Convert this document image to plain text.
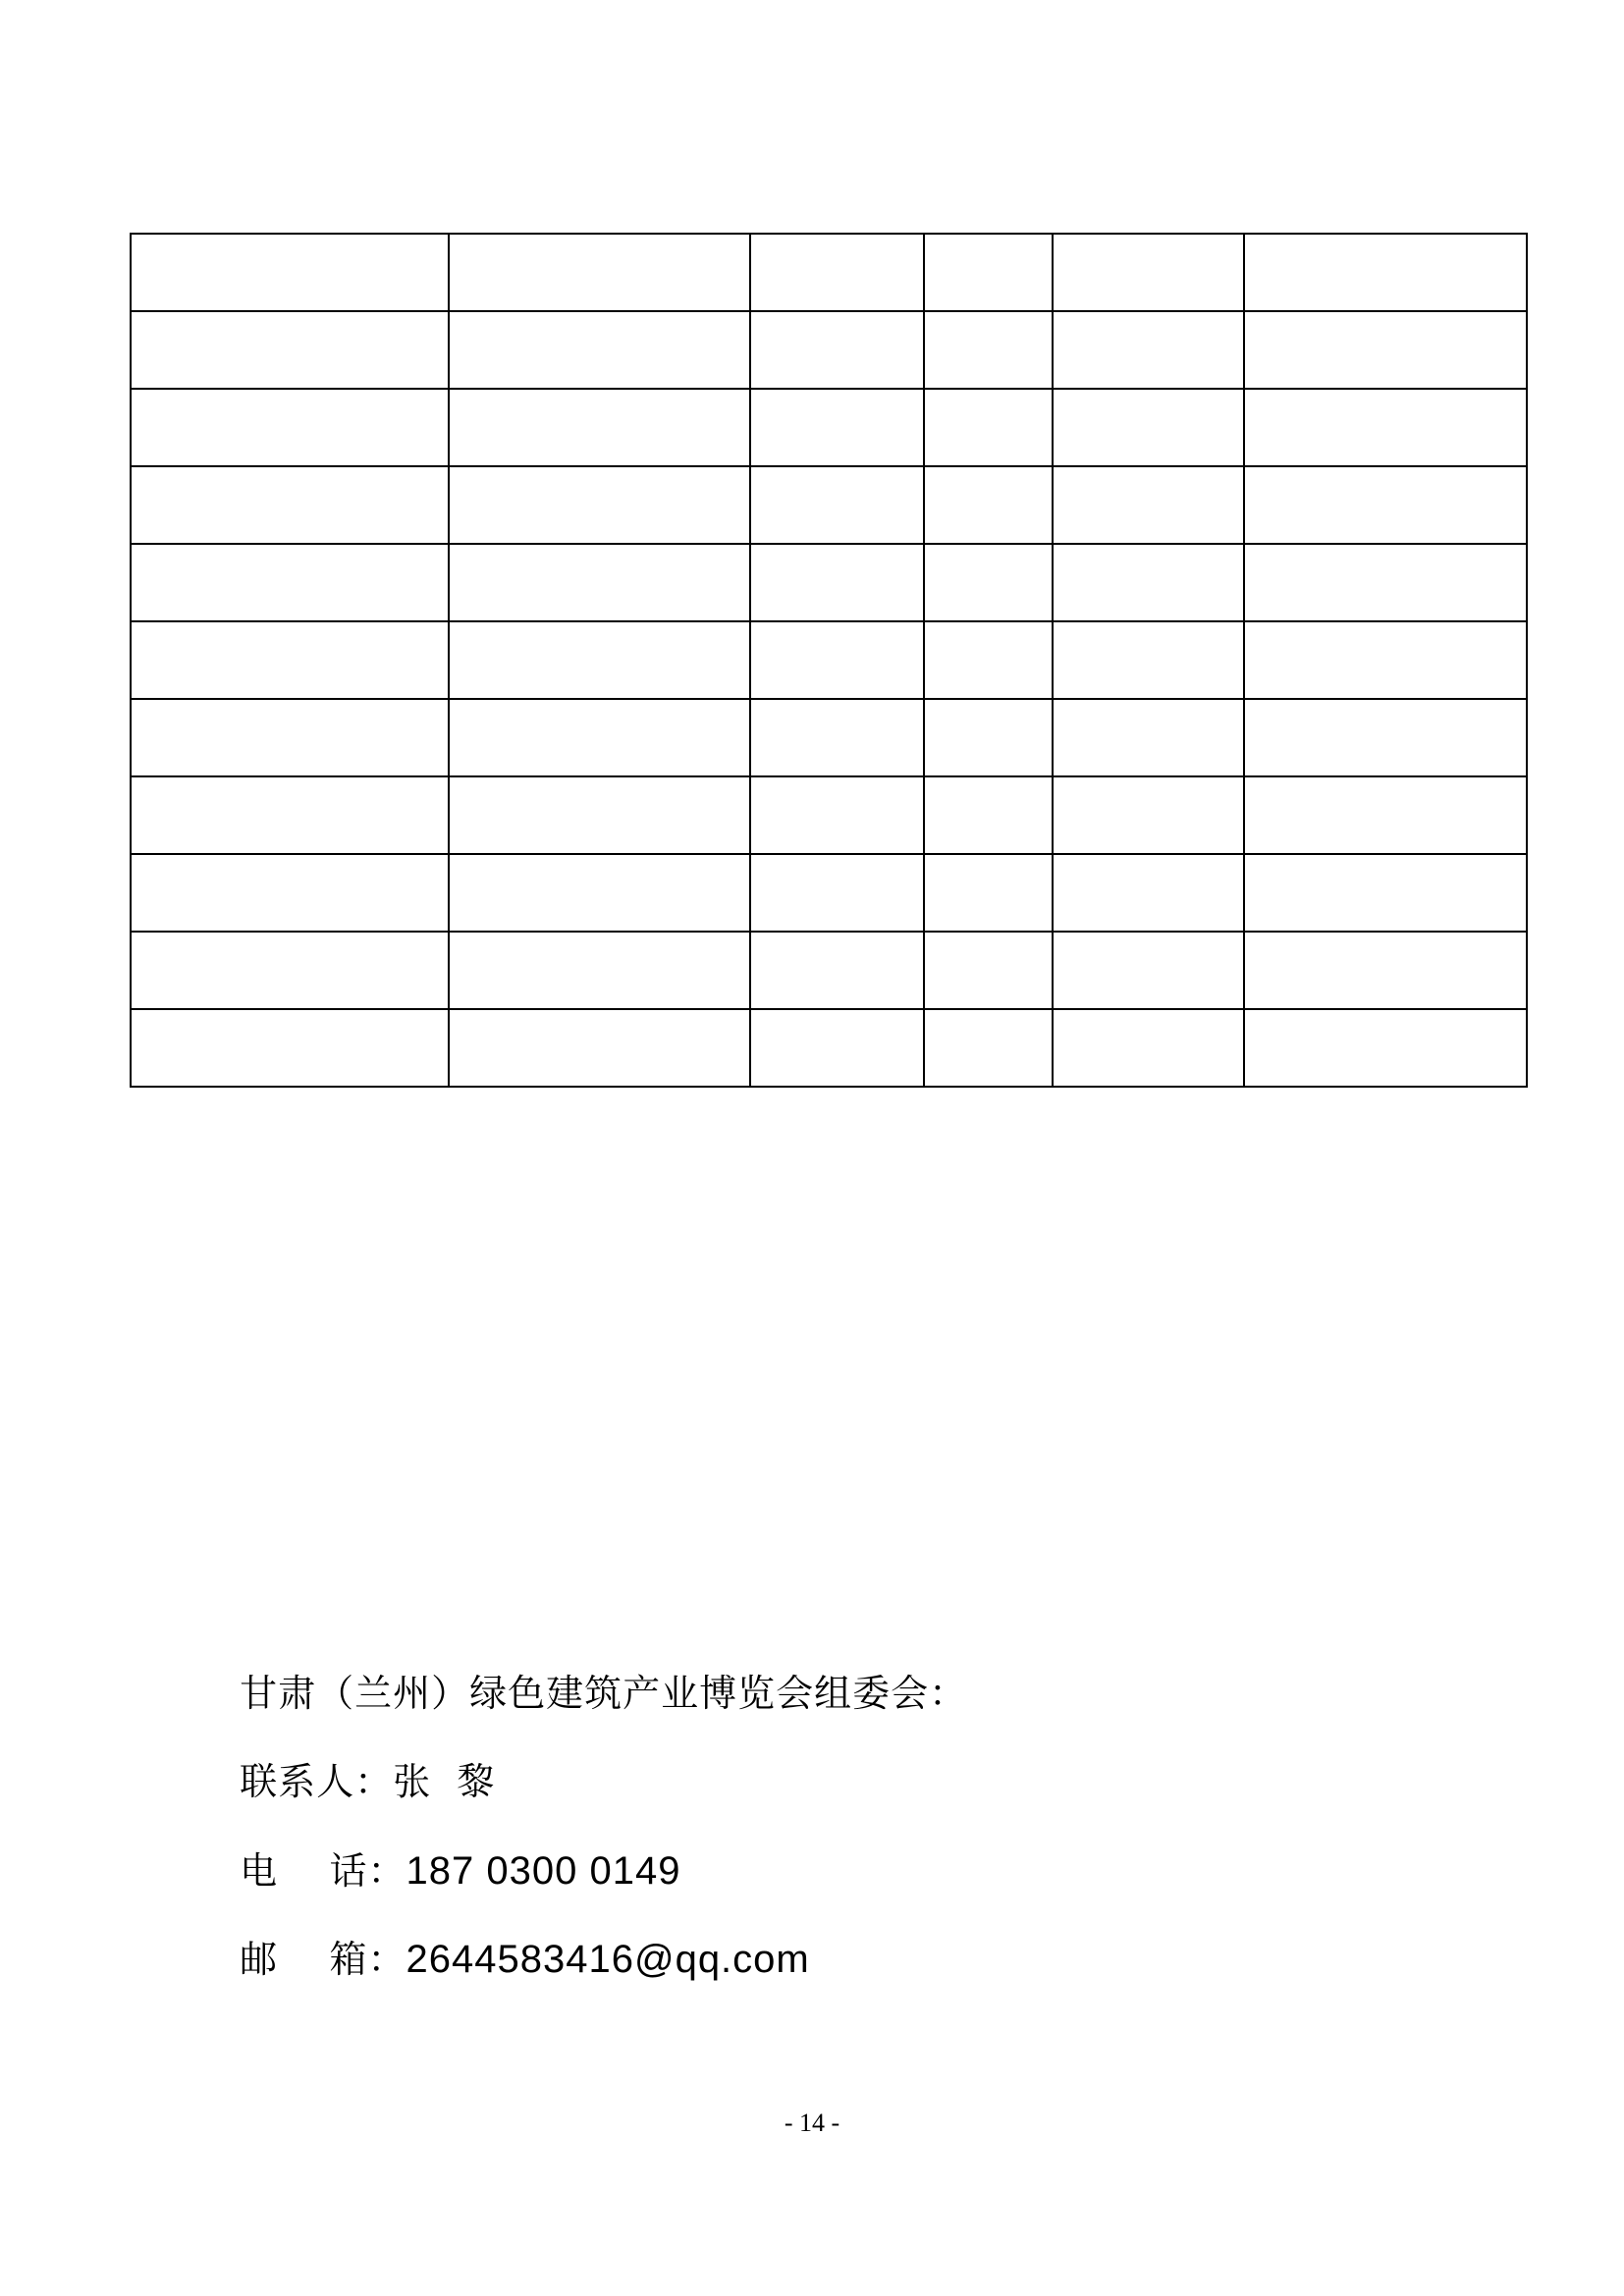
甘肃（兰州）绿色建筑产业博览会组委会：

联系人：张  黎

电    话：187 0300 0149

邮    箱：2644583416@qq.com

- 14 -
